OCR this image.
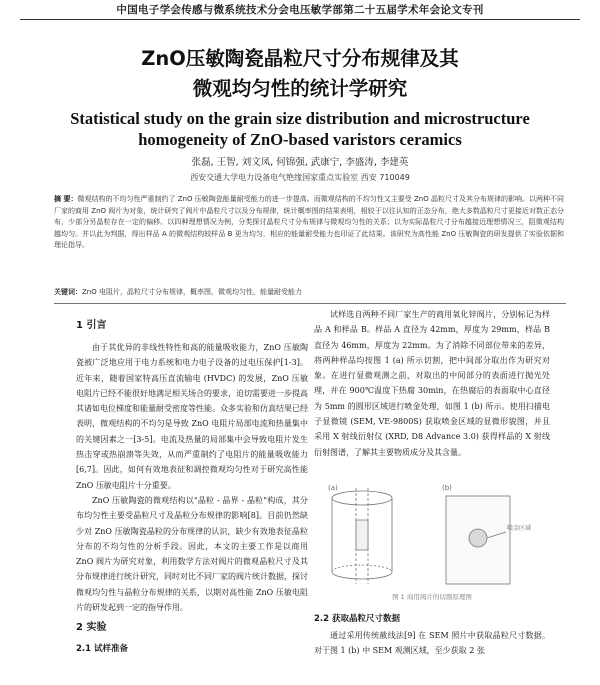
中国电子学会传感与微系统技术分会电压敏学部第二十五届学术年会论文专刊
ZnO压敏陶瓷晶粒尺寸分布规律及其
微观均匀性的统计学研究
Statistical study on the grain size distribution and microstructure
homogeneity of ZnO-based varistors ceramics
张磊, 王智, 刘文凤, 何锦强, 武康宁, 李盛涛, 李建英
西安交通大学电力设备电气绝缘国家重点实验室 西安 710049
摘 要：微观结构的不均匀性严重制约了 ZnO 压敏陶瓷能量耐受能力的进一步提高。而微观结构的不均匀性又主要受 ZnO 晶粒尺寸及其分布规律的影响。以两种不同厂家的商用 ZnO 阀片为对象，统计研究了阀片中晶粒尺寸以及分布规律，统计概率图的结果表明，相较于以往认知的正态分布，绝大多数晶粒尺寸更接近对数正态分布，少部分另晶粒存在一定的偏移。以四种理想情况为例，分类探讨晶粒尺寸分布规律与微观均匀性的关系；以为实际晶粒尺寸分布越接近理想情况三，阻微观结构越均匀。并以此为判据，得出样品 A 的微观结构较样品 B 更为均匀，相应的能量耐受能力也印证了此结果。该研究为高性能 ZnO 压敏陶瓷的研发提供了实验依据和理论指导。
关键词：ZnO 电阻片，晶粒尺寸分布规律，概率图，微观均匀性，能量耐受能力
1 引言

由于其优异的非线性特性和高的能量吸收能力，ZnO 压敏陶瓷被广泛地应用于电力系统和电力电子设备的过电压保护[1-3]。近年来，随着国家特高压直流输电 (HVDC) 的发展，ZnO 压敏电阻片已经不能很好地满足相关场合的要求，迫切需要进一步提高其诸如电位梯度和能量耐受密度等性能。众多实验和仿真结果已经表明，微观结构的不均匀是导致 ZnO 电阻片局部电流和热量集中的关键因素之一[3-5]。电流及热量的局部集中会导致电阻片发生热击穿或热崩溃等失效，从而严重制约了电阻片的能量吸收能力[6,7]。因此，如何有效地表征和调控微观均匀性对于研究高性能 ZnO 压敏电阻片十分重要。

ZnO 压敏陶瓷的微观结构以"晶粒 - 晶界 - 晶粒"构成，其分布均匀性主要受晶粒尺寸及晶粒分布规律的影响[8]。目前仍然缺少对 ZnO 压敏陶瓷晶粒的分布规律的认识，缺少有效地表征晶粒分布的不均匀性的分析手段。因此，本文的主要工作是以商用 ZnO 阀片为研究对象，利用数学方法对阀片的微观晶粒尺寸及其分布规律进行统计研究，同时对比不同厂家的阀片统计数据，探讨微观均匀性与晶粒分布规律的关系，以期对高性能 ZnO 压敏电阻片的研发起到一定的指导作用。

2 实验
2.1 试样准备

试样选自两种不同厂家生产的商用氧化锌阀片，分别标记为样品 A 和样品 B。样品 A 直径为 42mm，厚度为 29mm，样品 B 直径为 46mm，厚度为 22mm。为了消除不同部位带来的差异，将两种样品均按图 1 (a) 所示切割，把中间部分取出作为研究对象。在进行显微观测之前，对取出的中间部分的表面进行抛光处理，并在 900℃温度下热腐 30min，在热腐后的表面取中心直径为 5mm 的圆形区域进行喷金处理，如图 1 (b) 所示。使用扫描电子显微镜 (SEM, VE-9800S) 获取喷金区域的显微形貌图，并且采用 X 射线衍射仪 (XRD, D8 Advance 3.0) 获得样品的 X 射线衍射图谱，了解其主要物质成分及其含量。

(a)	(b)
喷金区域
图 1 商用阀片的切割原理图
2.2 获取晶粒尺寸数据

通过采用传统截线法[9] 在 SEM 照片中获取晶粒尺寸数据。对于图 1 (b) 中 SEM 观测区域，至少获取 2 张
